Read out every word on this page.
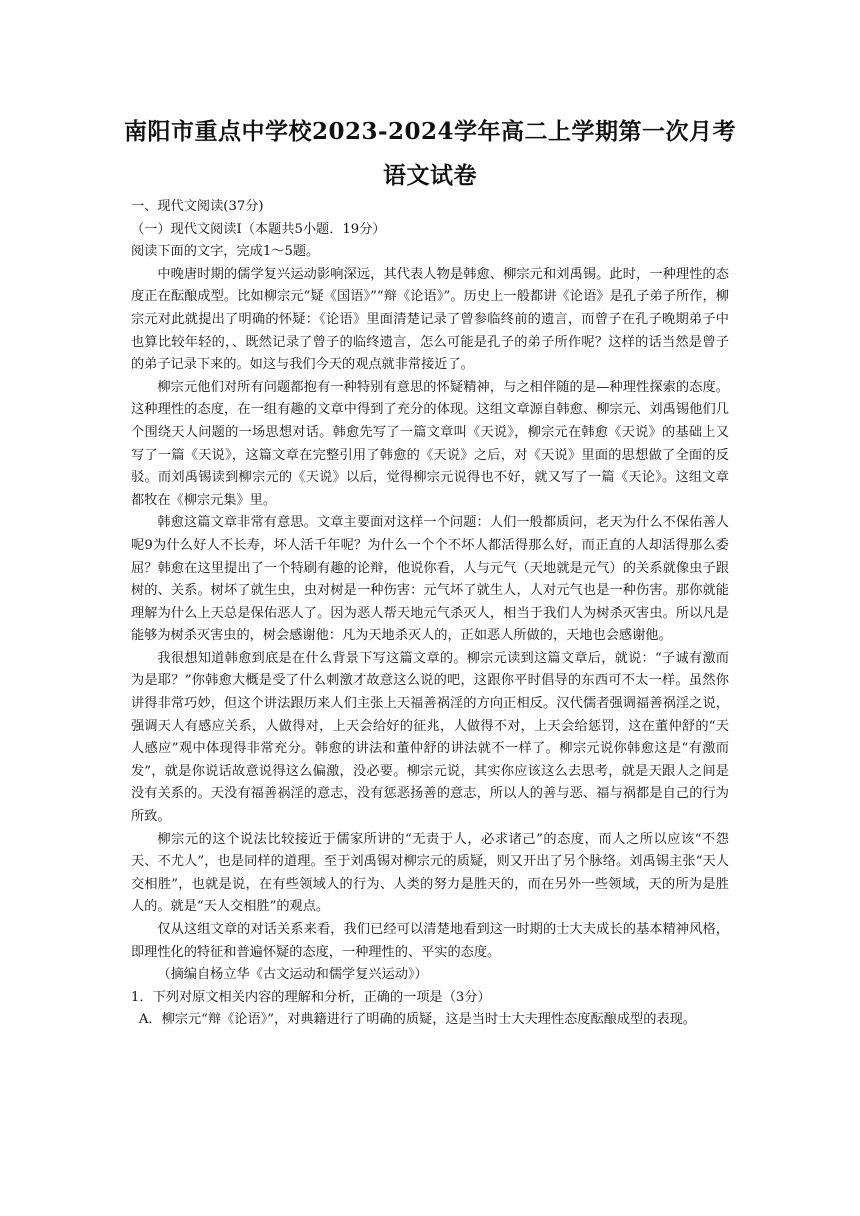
南阳市重点中学校2023-2024学年高二上学期第一次月考
语文试卷

一、现代文阅读(37分)

（一）现代文阅读Ⅰ（本题共5小题．19分）

阅读下面的文字，完成1～5题。

中晚唐时期的儒学复兴运动影响深远，其代表人物是韩愈、柳宗元和刘禹锡。此时，一种理性的态度正在酝酿成型。比如柳宗元“疑《国语》”“辩《论语》”。历史上一般都讲《论语》是孔子弟子所作，柳宗元对此就提出了明确的怀疑：《论语》里面清楚记录了曾参临终前的遗言，而曾子在孔子晚期弟子中也算比较年轻的，、既然记录了曾子的临终遗言，怎么可能是孔子的弟子所作呢？这样的话当然是曾子的弟子记录下来的。如这与我们今天的观点就非常接近了。

柳宗元他们对所有问题都抱有一种特别有意思的怀疑精神，与之相伴随的是—种理性探索的态度。这种理性的态度，在一组有趣的文章中得到了充分的体现。这组文章源自韩愈、柳宗元、刘禹锡他们几个围绕天人问题的一场思想对话。韩愈先写了一篇文章叫《天说》，柳宗元在韩愈《天说》的基础上又写了一篇《天说》，这篇文章在完整引用了韩愈的《天说》之后，对《天说》里面的思想做了全面的反驳。而刘禹锡读到柳宗元的《天说》以后，觉得柳宗元说得也不好，就又写了一篇《天论》。这组文章都牧在《柳宗元集》里。

韩愈这篇文章非常有意思。文章主要面对这样一个问题：人们一般都质问，老天为什么不保佑善人呢9为什么好人不长寿，坏人活千年呢？为什么一个个不坏人都活得那么好，而正直的人却活得那么委屈？韩愈在这里提出了一个特刷有趣的论辩，他说你看，人与元气（天地就是元气）的关系就像虫子跟树的、关系。树坏了就生虫，虫对树是一种伤害：元气坏了就生人，人对元气也是一种伤害。那你就能理解为什么上天总是保佑恶人了。因为恶人帮天地元气杀灭人，相当于我们人为树杀灭害虫。所以凡是能够为树杀灭害虫的，树会感谢他：凡为天地杀灭人的，正如恶人所做的，天地也会感谢他。

我很想知道韩愈到底是在什么背景下写这篇文章的。柳宗元读到这篇文章后，就说：“子诚有激而为是耶？”你韩愈大概是受了什么刺激才故意这么说的吧，这跟你平时倡导的东西可不太一样。虽然你讲得非常巧妙，但这个讲法跟历来人们主张上天福善祸淫的方向正相反。汉代儒者强调福善祸淫之说，强调天人有感应关系，人做得对，上天会给好的征兆，人做得不对，上天会给惩罚，这在董仲舒的“天人感应”观中体现得非常充分。韩愈的讲法和董仲舒的讲法就不一样了。柳宗元说你韩愈这是“有激而发”，就是你说话故意说得这么偏激，没必要。柳宗元说，其实你应该这么去思考，就是天跟人之间是没有关系的。天没有福善祸淫的意志，没有惩恶扬善的意志，所以人的善与恶、福与祸都是自己的行为所致。

柳宗元的这个说法比较接近于儒家所讲的“无责于人，必求诸己”的态度，而人之所以应该“不怨天、不尤人”，也是同样的道理。至于刘禹锡对柳宗元的质疑，则又开出了另个脉络。刘禹锡主张“天人交相胜”，也就是说，在有些领域人的行为、人类的努力是胜天的，而在另外一些领域，天的所为是胜人的。就是“天人交相胜”的观点。

仅从这组文章的对话关系来看，我们已经可以清楚地看到这一时期的士大夫成长的基本精神风格，即理性化的特征和普遍怀疑的态度，一种理性的、平实的态度。

（摘编自杨立华《古文运动和儒学复兴运动》）

1．下列对原文相关内容的理解和分析，正确的一项是（3分）

A．柳宗元“辩《论语》”，对典籍进行了明确的质疑，这是当时士大夫理性态度酝酿成型的表现。
